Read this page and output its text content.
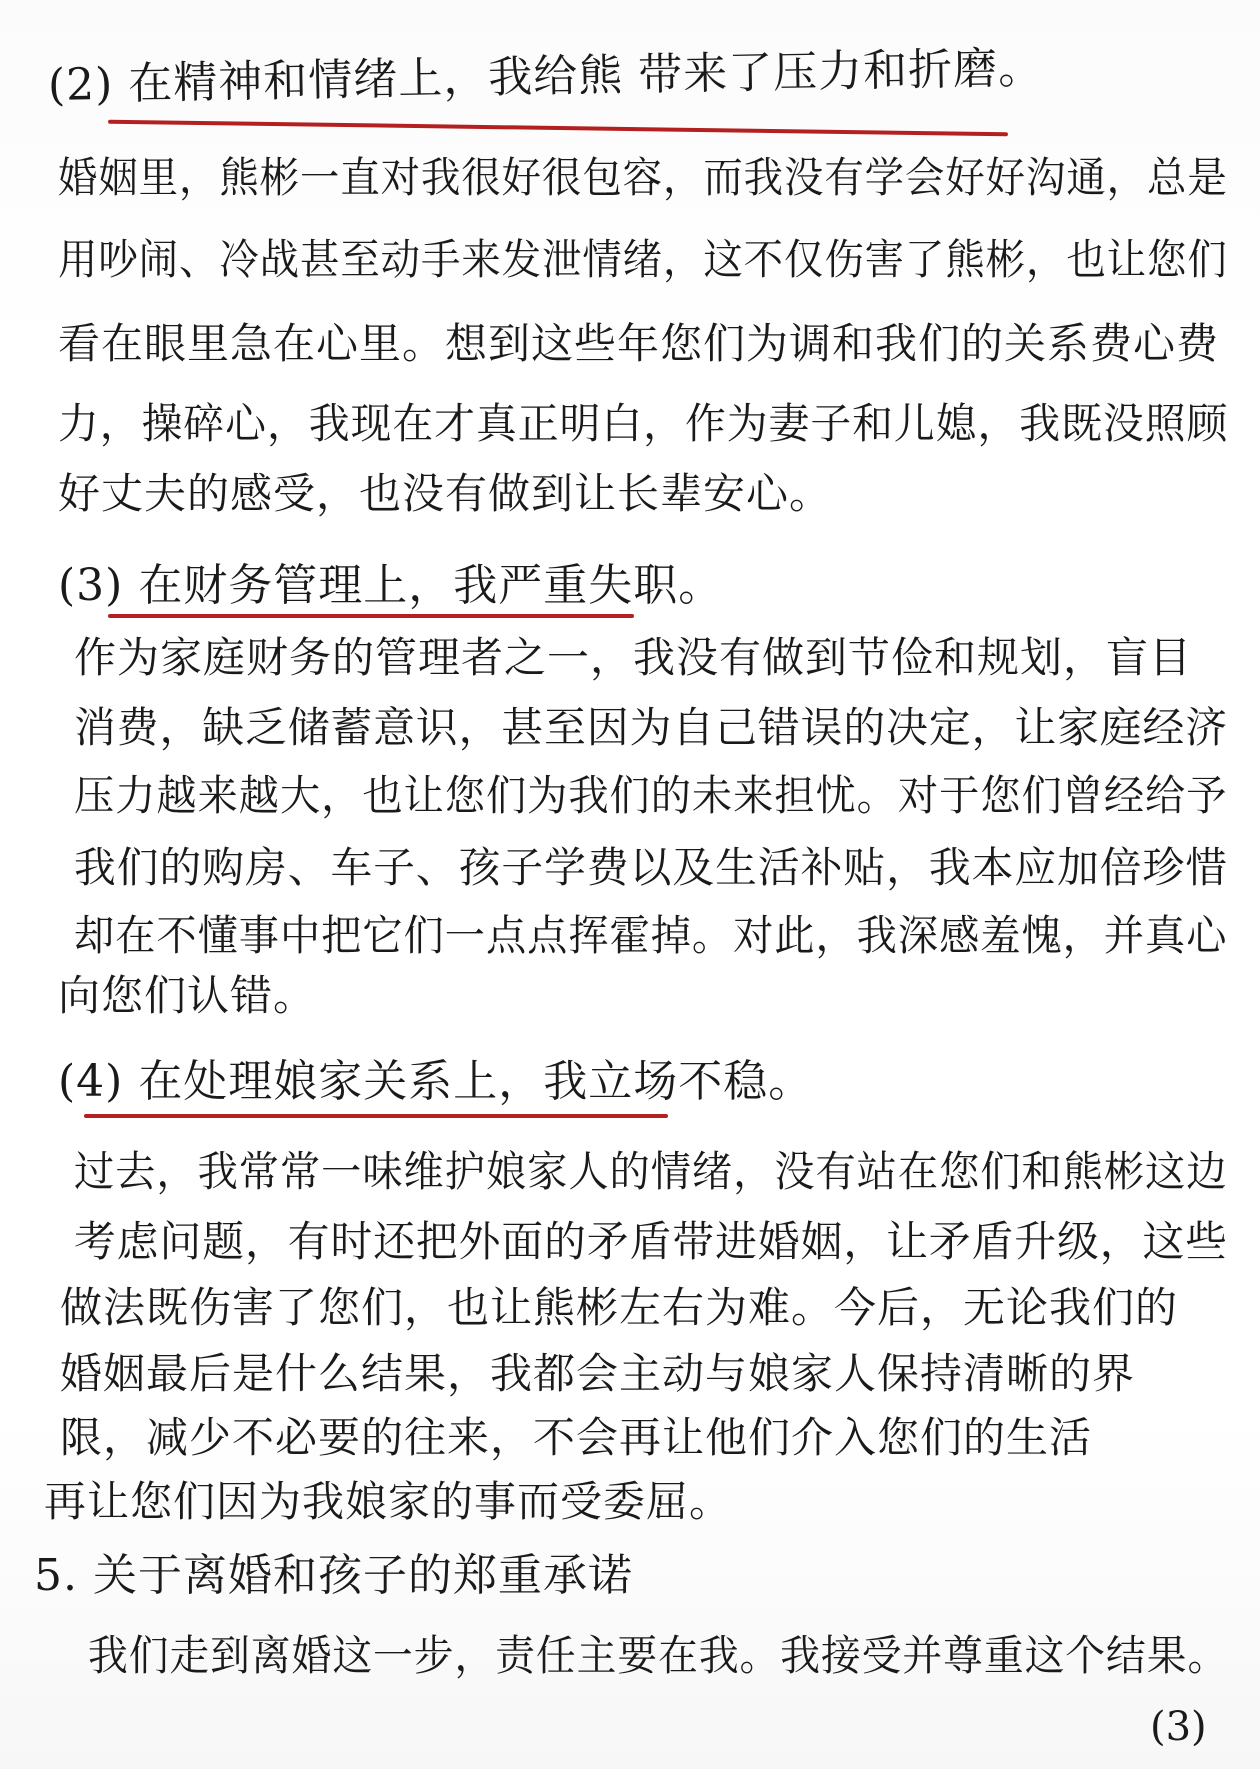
(2) 在精神和情绪上，我给熊 带来了压力和折磨。
婚姻里，熊彬一直对我很好很包容，而我没有学会好好沟通，总是
用吵闹、冷战甚至动手来发泄情绪，这不仅伤害了熊彬，也让您们
看在眼里急在心里。想到这些年您们为调和我们的关系费心费
力，操碎心，我现在才真正明白，作为妻子和儿媳，我既没照顾
好丈夫的感受，也没有做到让长辈安心。
(3) 在财务管理上，我严重失职。
作为家庭财务的管理者之一，我没有做到节俭和规划，盲目
消费，缺乏储蓄意识，甚至因为自己错误的决定，让家庭经济
压力越来越大，也让您们为我们的未来担忧。对于您们曾经给予
我们的购房、车子、孩子学费以及生活补贴，我本应加倍珍惜
却在不懂事中把它们一点点挥霍掉。对此，我深感羞愧，并真心
向您们认错。
(4) 在处理娘家关系上，我立场不稳。
过去，我常常一味维护娘家人的情绪，没有站在您们和熊彬这边
考虑问题，有时还把外面的矛盾带进婚姻，让矛盾升级，这些
做法既伤害了您们，也让熊彬左右为难。今后，无论我们的
婚姻最后是什么结果，我都会主动与娘家人保持清晰的界
限，减少不必要的往来，不会再让他们介入您们的生活
再让您们因为我娘家的事而受委屈。
5. 关于离婚和孩子的郑重承诺
我们走到离婚这一步，责任主要在我。我接受并尊重这个结果。
(3)
